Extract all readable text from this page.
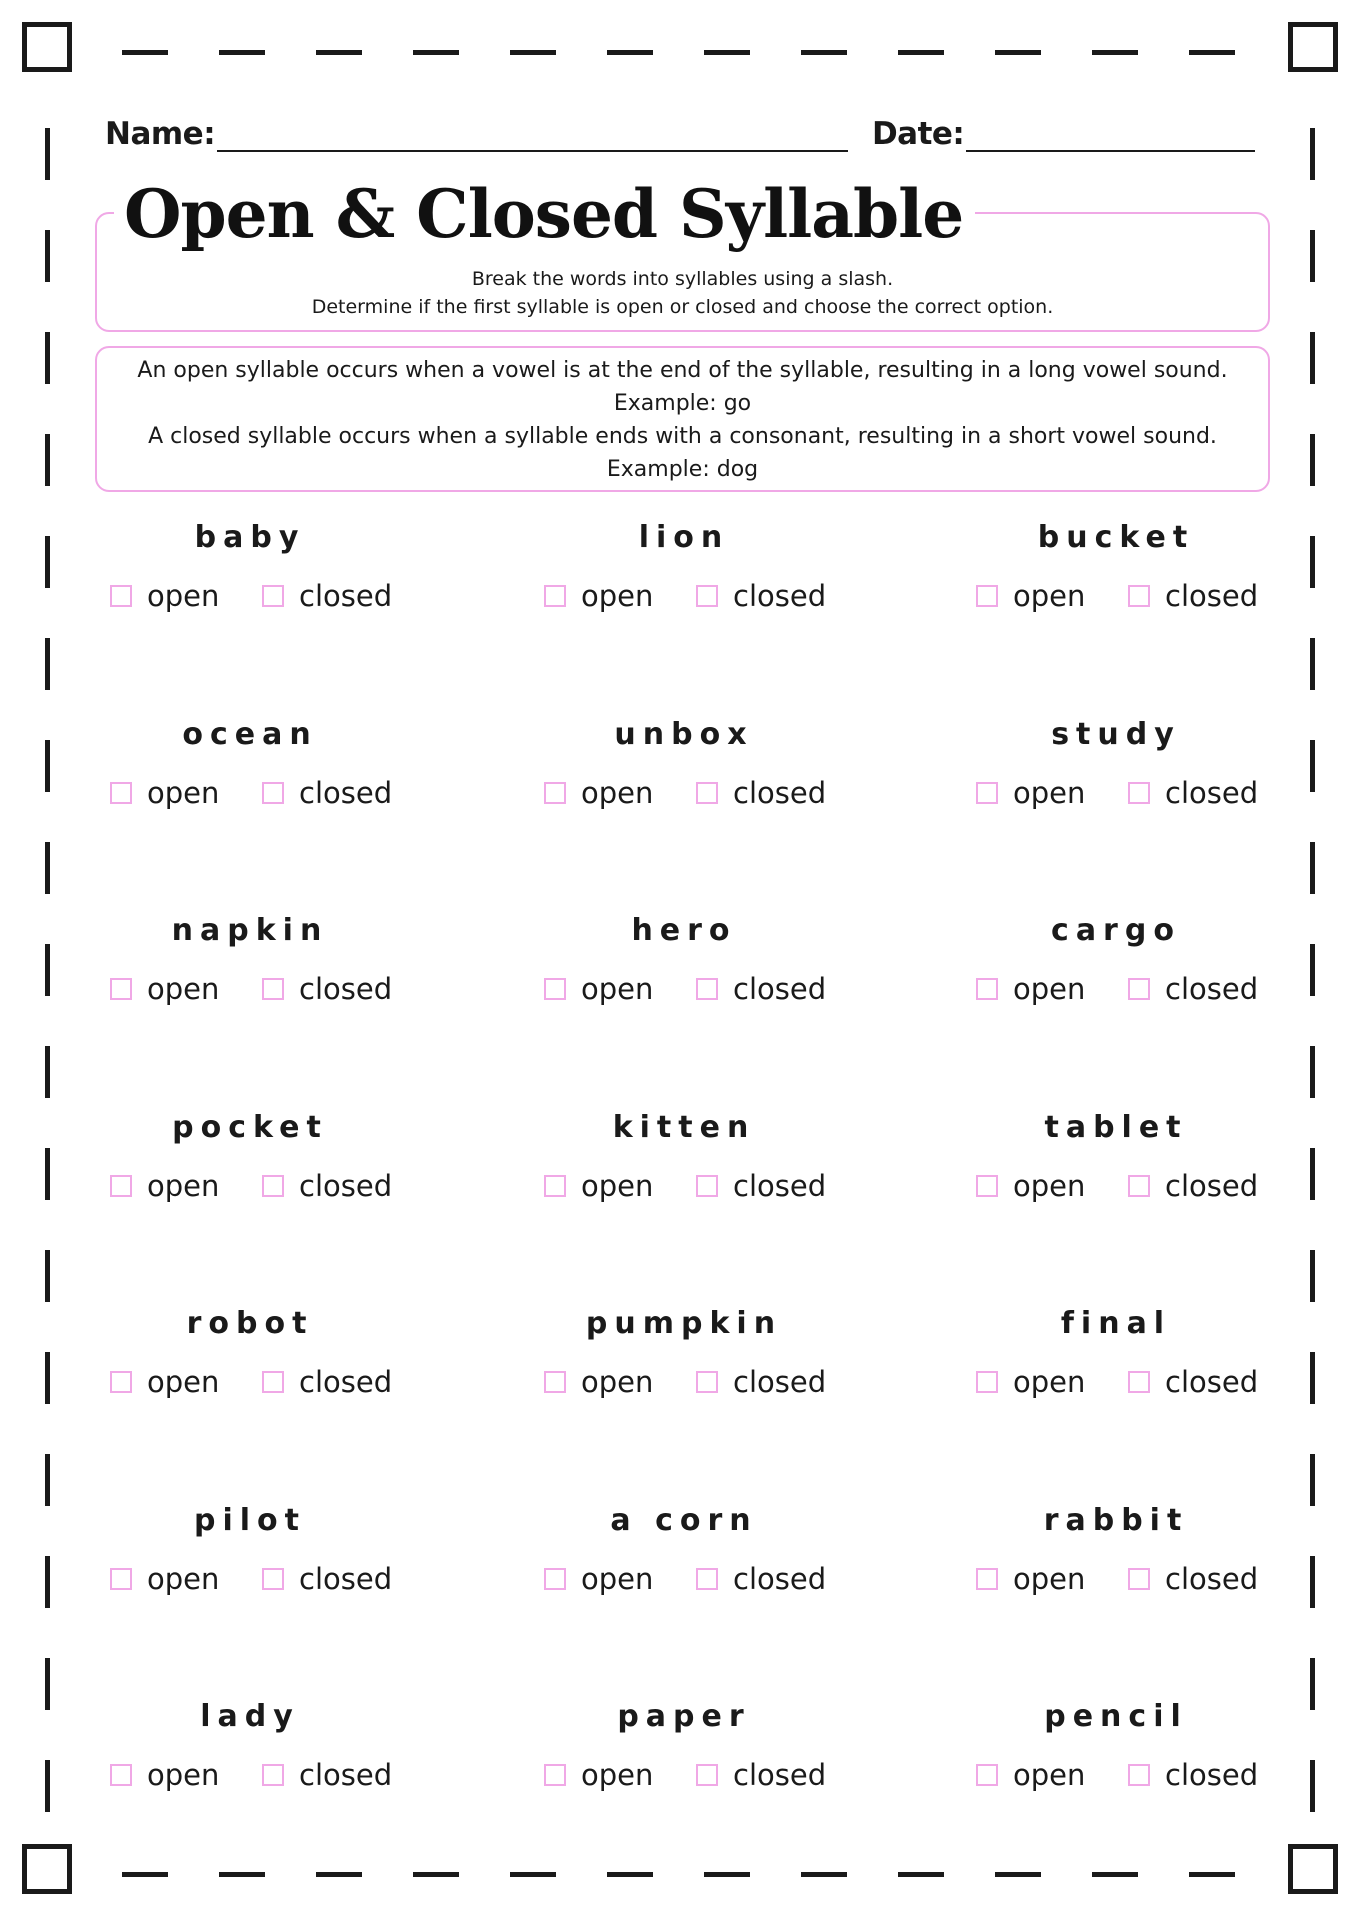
Name:	Date:
Break the words into syllables using a slash.
Determine if the first syllable is open or closed and choose the correct option.
Open & Closed Syllable
An open syllable occurs when a vowel is at the end of the syllable, resulting in a long vowel sound.
Example: go
A closed syllable occurs when a syllable ends with a consonant, resulting in a short vowel sound.
Example: dog
baby
open	closed
lion
open	closed
bucket
open	closed
ocean
open	closed
unbox
open	closed
study
open	closed
napkin
open	closed
hero
open	closed
cargo
open	closed
pocket
open	closed
kitten
open	closed
tablet
open	closed
robot
open	closed
pumpkin
open	closed
final
open	closed
pilot
open	closed
a corn
open	closed
rabbit
open	closed
lady
open	closed
paper
open	closed
pencil
open	closed
